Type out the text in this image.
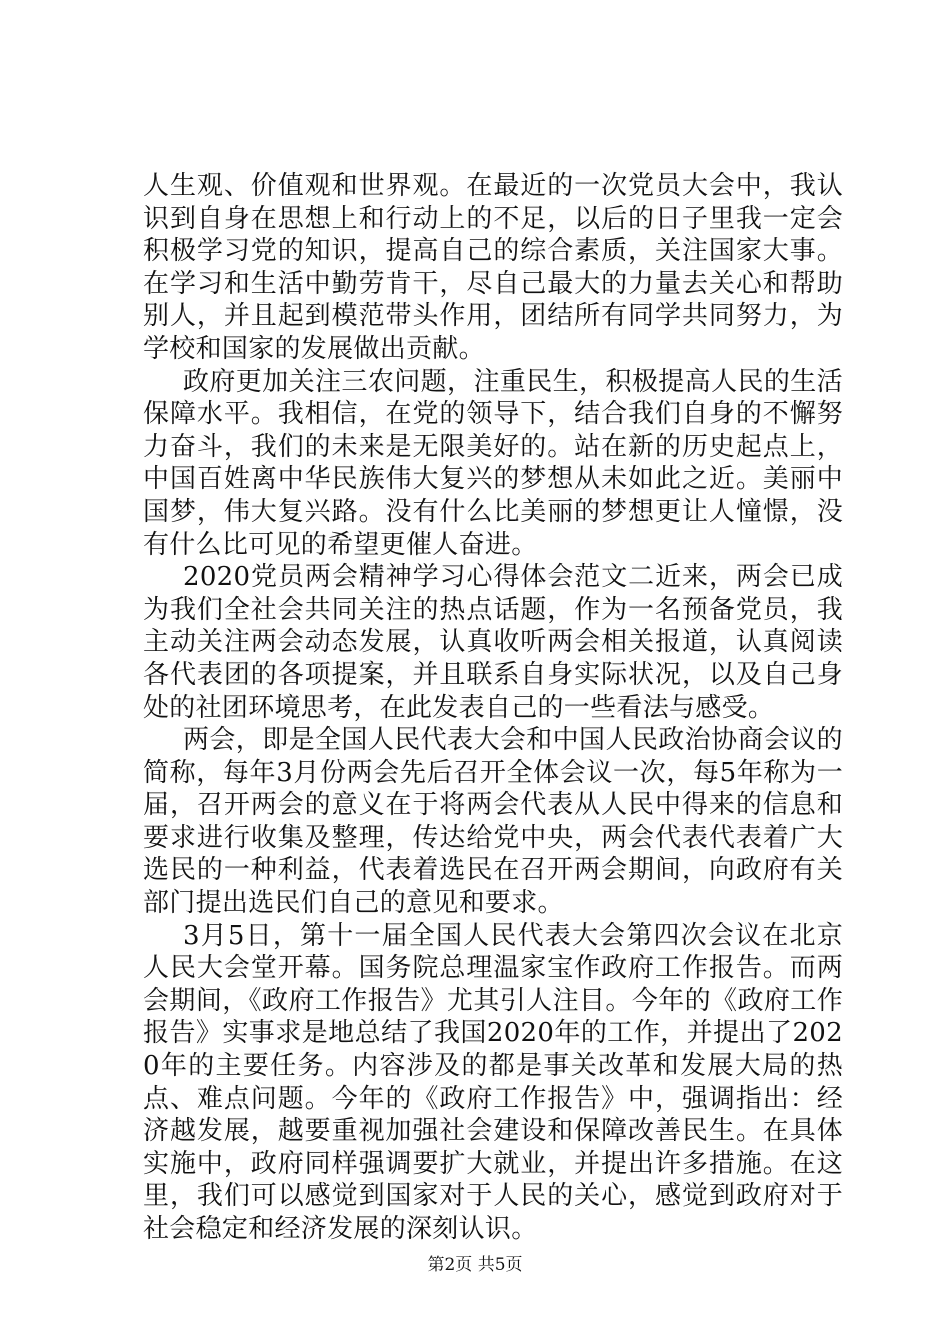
人生观、价值观和世界观。在最近的一次党员大会中，我认识到自身在思想上和行动上的不足，以后的日子里我一定会积极学习党的知识，提高自己的综合素质，关注国家大事。在学习和生活中勤劳肯干，尽自己最大的力量去关心和帮助别人，并且起到模范带头作用，团结所有同学共同努力，为学校和国家的发展做出贡献。

政府更加关注三农问题，注重民生，积极提高人民的生活保障水平。我相信，在党的领导下，结合我们自身的不懈努力奋斗，我们的未来是无限美好的。站在新的历史起点上，中国百姓离中华民族伟大复兴的梦想从未如此之近。美丽中国梦，伟大复兴路。没有什么比美丽的梦想更让人憧憬，没有什么比可见的希望更催人奋进。

2020党员两会精神学习心得体会范文二近来，两会已成为我们全社会共同关注的热点话题，作为一名预备党员，我主动关注两会动态发展，认真收听两会相关报道，认真阅读各代表团的各项提案，并且联系自身实际状况，以及自己身处的社团环境思考，在此发表自己的一些看法与感受。

两会，即是全国人民代表大会和中国人民政治协商会议的简称，每年3月份两会先后召开全体会议一次，每5年称为一届，召开两会的意义在于将两会代表从人民中得来的信息和要求进行收集及整理，传达给党中央，两会代表代表着广大选民的一种利益，代表着选民在召开两会期间，向政府有关部门提出选民们自己的意见和要求。

3月5日，第十一届全国人民代表大会第四次会议在北京人民大会堂开幕。国务院总理温家宝作政府工作报告。而两会期间，《政府工作报告》尤其引人注目。今年的《政府工作报告》实事求是地总结了我国2020年的工作，并提出了2020年的主要任务。内容涉及的都是事关改革和发展大局的热点、难点问题。今年的《政府工作报告》中，强调指出：经济越发展，越要重视加强社会建设和保障改善民生。在具体实施中，政府同样强调要扩大就业，并提出许多措施。在这里，我们可以感觉到国家对于人民的关心，感觉到政府对于社会稳定和经济发展的深刻认识。

第2页 共5页
